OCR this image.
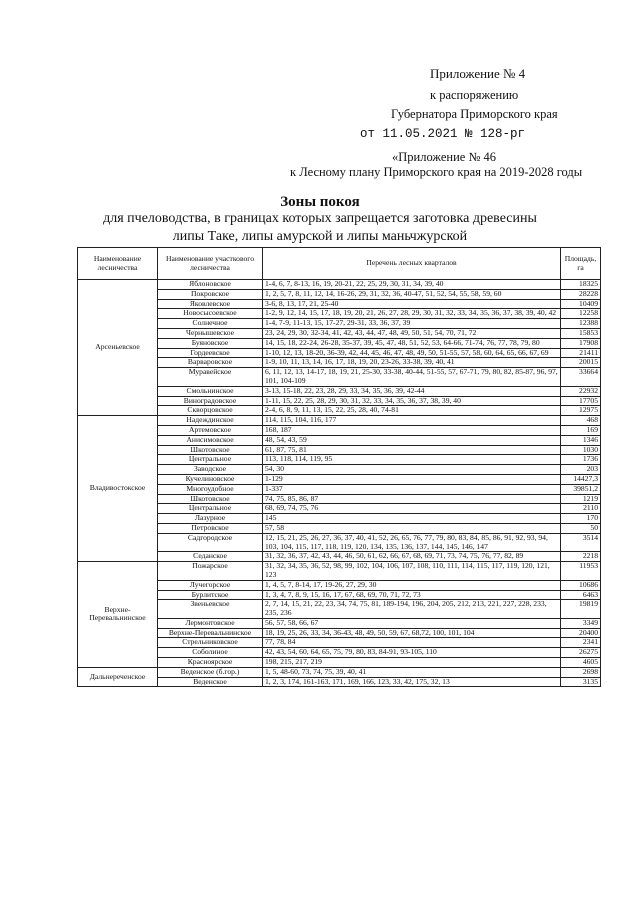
Приложение № 4
к распоряжению
Губернатора Приморского края
от 11.05.2021 № 128-рг
«Приложение № 46
к Лесному плану Приморского края на 2019-2028 годы
Зоны покоя
для пчеловодства, в границах которых запрещается заготовка древесины
липы Таке, липы амурской и липы маньчжурской
Наименование лесничества	Наименование участкового лесничества	Перечень лесных кварталов	Площадь, га
Арсеньевское	Яблоновское	1-4, 6, 7, 8-13, 16, 19, 20-21, 22, 25, 29, 30, 31, 34, 39, 40	18325
	Покровское	1, 2, 5, 7, 8, 11, 12, 14, 16-26, 29, 31, 32, 36, 40-47, 51, 52, 54, 55, 58, 59, 60	28228
	Яковлевское	3-6, 8, 13, 17, 21, 25-40	10409
	Новосысоевское	1-2, 9, 12, 14, 15, 17, 18, 19, 20, 21, 26, 27, 28, 29, 30, 31, 32, 33, 34, 35, 36, 37, 38, 39, 40, 42	12258
	Солнечное	1-4, 7-9, 11-13, 15, 17-27, 29-31, 33, 36, 37, 39	12388
	Чернышевское	23, 24, 29, 30, 32-34, 41, 42, 43, 44, 47, 48, 49, 50, 51, 54, 70, 71, 72	15853
	Буяновское	14, 15, 18, 22-24, 26-28, 35-37, 39, 45, 47, 48, 51, 52, 53, 64-66, 71-74, 76, 77, 78, 79, 80	17908
	Гордеевское	1-10, 12, 13, 18-20, 36-39, 42, 44, 45, 46, 47, 48, 49, 50, 51-55, 57, 58, 60, 64, 65, 66, 67, 69	21411
	Варваровское	1-9, 10, 11, 13, 14, 16, 17, 18, 19, 20, 23-26, 33-38, 39, 40, 41	20015
	Муравейское	6, 11, 12, 13, 14-17, 18, 19, 21, 25-30, 33-38, 40-44, 51-55, 57, 67-71, 79, 80, 82, 85-87, 96, 97, 101, 104-109	33664
	Смольнинское	3-13, 15-18, 22, 23, 28, 29, 33, 34, 35, 36, 39, 42-44	22932
	Виноградовское	1-11, 15, 22, 25, 28, 29, 30, 31, 32, 33, 34, 35, 36, 37, 38, 39, 40	17705
	Скворцовское	2-4, 6, 8, 9, 11, 13, 15, 22, 25, 28, 40, 74-81	12975
Владивостокское	Надеждинское	114, 115, 104, 116, 177	468
	Артемовское	168, 187	169
	Анисимовское	48, 54, 43, 59	1346
	Шкотовское	61, 87, 75, 81	1030
	Центральное	113, 118, 114, 119, 95	1736
	Заводское	54, 30	203
	Кучелиновское	1-129	14427,3
	Многоудобное	1-337	39851,2
	Шкотовское	74, 75, 85, 86, 87	1219
	Центральное	68, 69, 74, 75, 76	2110
	Лазурное	145	170
	Петровское	57, 58	50
	Садгородское	12, 15, 21, 25, 26, 27, 36, 37, 40, 41, 52, 26, 65, 76, 77, 79, 80, 83, 84, 85, 86, 91, 92, 93, 94, 103, 104, 115, 117, 118, 119, 120, 134, 135, 136, 137, 144, 145, 146, 147	3514
	Седанское	31, 32, 36, 37, 42, 43, 44, 46, 50, 61, 62, 66, 67, 68, 69, 71, 73, 74, 75, 76, 77, 82, 89	2218
Верхне-Перевальнинское	Пожарское	31, 32, 34, 35, 36, 52, 98, 99, 102, 104, 106, 107, 108, 110, 111, 114, 115, 117, 119, 120, 121, 123	11953
	Лучегорское	1, 4, 5, 7, 8-14, 17, 19-26, 27, 29, 30	10686
	Бурлитское	1, 3, 4, 7, 8, 9, 15, 16, 17, 67, 68, 69, 70, 71, 72, 73	6463
	Звеньевское	2, 7, 14, 15, 21, 22, 23, 34, 74, 75, 81, 189-194, 196, 204, 205, 212, 213, 221, 227, 228, 233, 235, 236	19819
	Лермонтовское	56, 57, 58, 66, 67	3349
	Верхне-Перевальнинское	18, 19, 25, 26, 33, 34, 36-43, 48, 49, 50, 59, 67, 68,72, 100, 101, 104	20400
	Стрельниковское	77, 78, 84	2341
	Соболиное	42, 43, 54, 60, 64, 65, 75, 79, 80, 83, 84-91, 93-105, 110	26275
	Красноярское	198, 215, 217, 219	4605
Дальнереченское	Веденское (б.гор.)	1, 5, 48-60, 73, 74, 75, 39, 40, 41	2698
	Веденское	1, 2, 3, 174, 161-163, 171, 169, 166, 123, 33, 42, 175, 32, 13	3135
